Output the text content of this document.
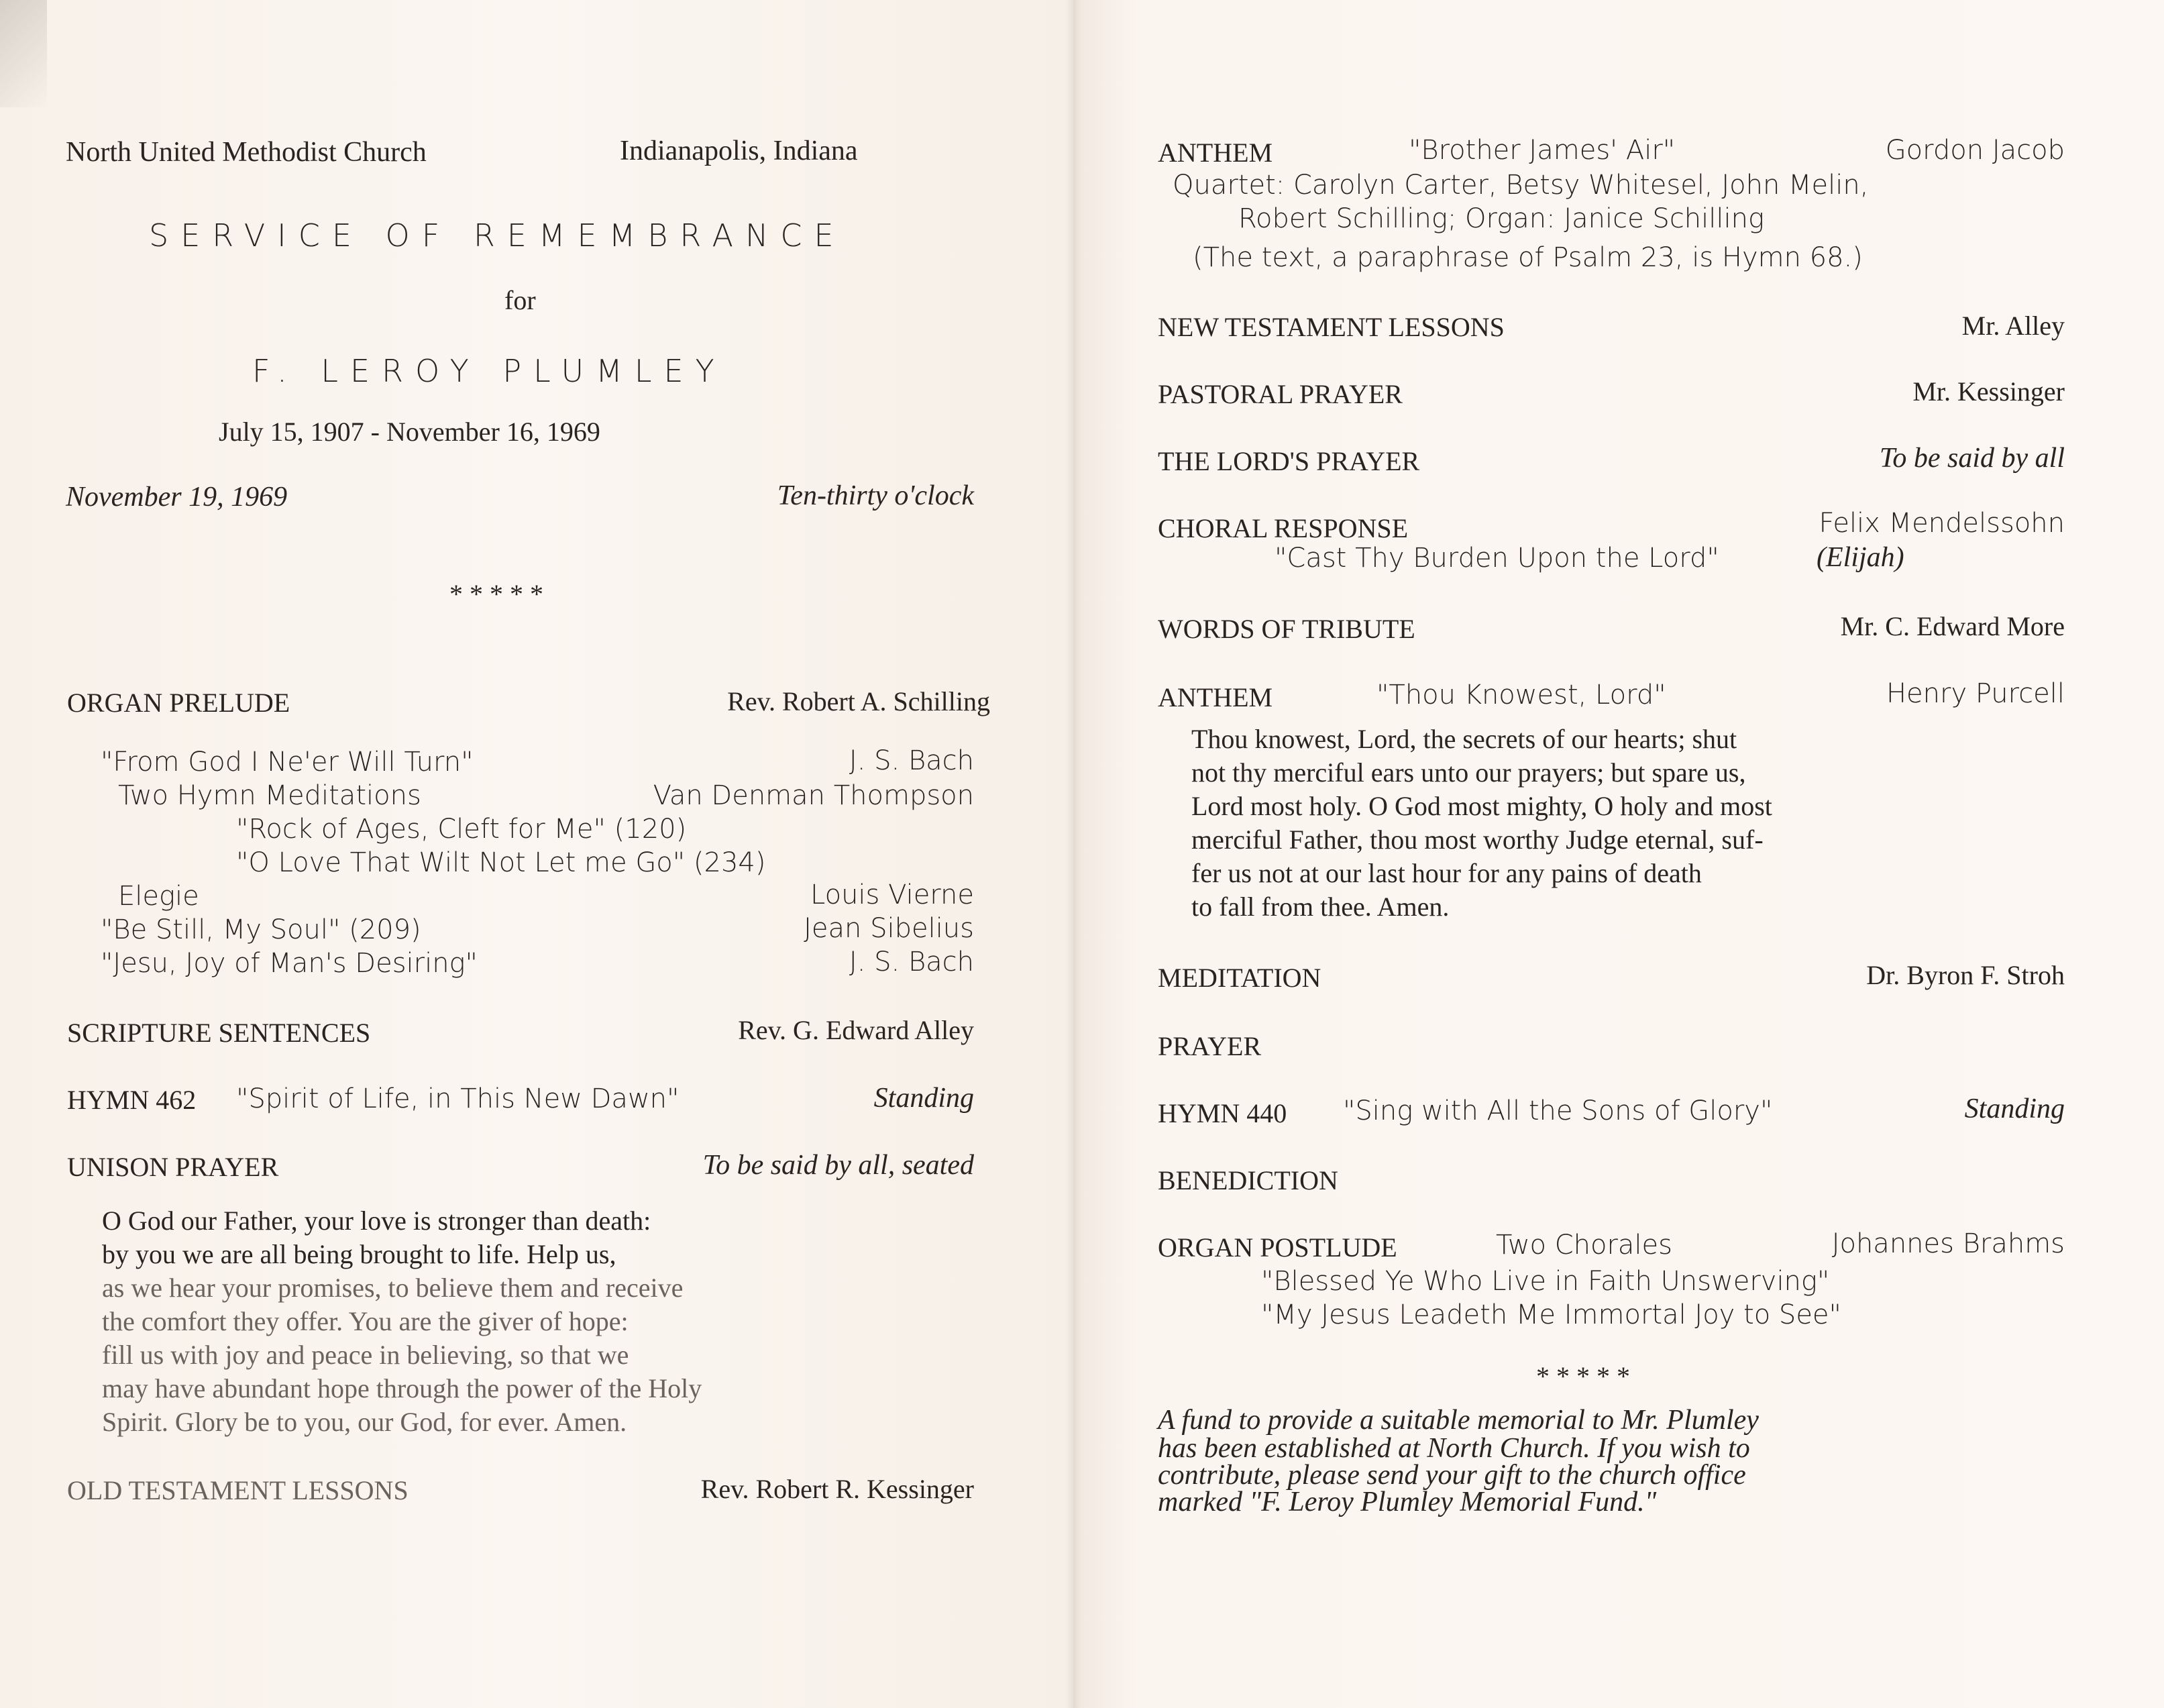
North United Methodist Church	Indianapolis, Indiana
SERVICE OF REMEMBRANCE
for
F. LEROY PLUMLEY
July 15, 1907 - November 16, 1969
November 19, 1969	Ten-thirty o'clock
* * * * *
ORGAN PRELUDE	Rev. Robert A. Schilling
"From God I Ne'er Will Turn"	J. S. Bach
Two Hymn Meditations	Van Denman Thompson
"Rock of Ages, Cleft for Me" (120)
"O Love That Wilt Not Let me Go" (234)
Elegie	Louis Vierne
"Be Still, My Soul" (209)	Jean Sibelius
"Jesu, Joy of Man's Desiring"	J. S. Bach
SCRIPTURE SENTENCES	Rev. G. Edward Alley
HYMN 462 "Spirit of Life, in This New Dawn"	Standing
UNISON PRAYER	To be said by all, seated
O God our Father, your love is stronger than death:
by you we are all being brought to life. Help us,
as we hear your promises, to believe them and receive
the comfort they offer. You are the giver of hope:
fill us with joy and peace in believing, so that we
may have abundant hope through the power of the Holy
Spirit. Glory be to you, our God, for ever. Amen.
OLD TESTAMENT LESSONS	Rev. Robert R. Kessinger
ANTHEM	"Brother James' Air"	Gordon Jacob
Quartet: Carolyn Carter, Betsy Whitesel, John Melin,
Robert Schilling; Organ: Janice Schilling
(The text, a paraphrase of Psalm 23, is Hymn 68.)
NEW TESTAMENT LESSONS	Mr. Alley
PASTORAL PRAYER	Mr. Kessinger
THE LORD'S PRAYER	To be said by all
CHORAL RESPONSE	Felix Mendelssohn
"Cast Thy Burden Upon the Lord"	(Elijah)
WORDS OF TRIBUTE	Mr. C. Edward More
ANTHEM	"Thou Knowest, Lord"	Henry Purcell
Thou knowest, Lord, the secrets of our hearts; shut
not thy merciful ears unto our prayers; but spare us,
Lord most holy. O God most mighty, O holy and most
merciful Father, thou most worthy Judge eternal, suf-
fer us not at our last hour for any pains of death
to fall from thee. Amen.
MEDITATION	Dr. Byron F. Stroh
PRAYER
HYMN 440 "Sing with All the Sons of Glory"	Standing
BENEDICTION
ORGAN POSTLUDE	Two Chorales	Johannes Brahms
"Blessed Ye Who Live in Faith Unswerving"
"My Jesus Leadeth Me Immortal Joy to See"
* * * * *
A fund to provide a suitable memorial to Mr. Plumley
has been established at North Church. If you wish to
contribute, please send your gift to the church office
marked "F. Leroy Plumley Memorial Fund."
